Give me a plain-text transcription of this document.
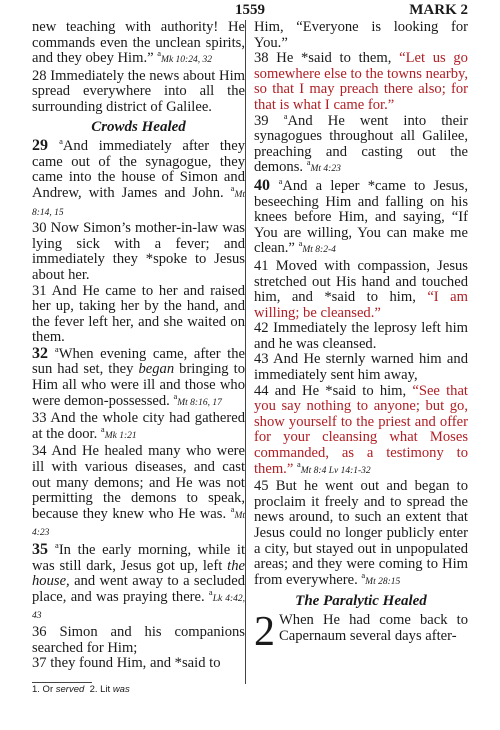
1559	MARK 2

new teaching with authority! He commands even the unclean spirits, and they obey Him.” $^a$Mk 10:24, 32

28 Immediately the news about Him spread everywhere into all the surrounding district of Galilee.

Crowds Healed

29 $^a$And immediately after they came out of the synagogue, they came into the house of Simon and Andrew, with James and John. $^a$Mt 8:14, 15

30 Now Simon’s mother-in-law was lying sick with a fever; and immediately they *spoke to Jesus about her.

31 And He came to her and raised her up, taking her by the hand, and the fever left her, and she waited on them.

32 $^a$When evening came, after the sun had set, they began bringing to Him all who were ill and those who were demon-possessed. $^a$Mt 8:16, 17

33 And the whole city had gathered at the door. $^a$Mk 1:21

34 And He healed many who were ill with various diseases, and cast out many demons; and He was not permitting the demons to speak, because they knew who He was. $^a$Mt 4:23

35 $^a$In the early morning, while it was still dark, Jesus got up, left the house, and went away to a secluded place, and was praying there. $^a$Lk 4:42, 43

36 Simon and his companions searched for Him;

37 they found Him, and *said to

Him, “Everyone is looking for You.”

38 He *said to them, “Let us go somewhere else to the towns nearby, so that I may preach there also; for that is what I came for.”

39 $^a$And He went into their synagogues throughout all Galilee, preaching and casting out the demons. $^a$Mt 4:23

40 $^a$And a leper *came to Jesus, beseeching Him and falling on his knees before Him, and saying, “If You are willing, You can make me clean.” $^a$Mt 8:2-4

41 Moved with compassion, Jesus stretched out His hand and touched him, and *said to him, “I am willing; be cleansed.”

42 Immediately the leprosy left him and he was cleansed.

43 And He sternly warned him and immediately sent him away,

44 and He *said to him, “See that you say nothing to anyone; but go, show yourself to the priest and offer for your cleansing what Moses commanded, as a testimony to them.” $^a$Mt 8:4 Lv 14:1-32

45 But he went out and began to proclaim it freely and to spread the news around, to such an extent that Jesus could no longer publicly enter a city, but stayed out in unpopulated areas; and they were coming to Him from everywhere. $^a$Mt 28:15

The Paralytic Healed

2 When He had come back to Capernaum several days after-

1. Or served 2. Lit was
